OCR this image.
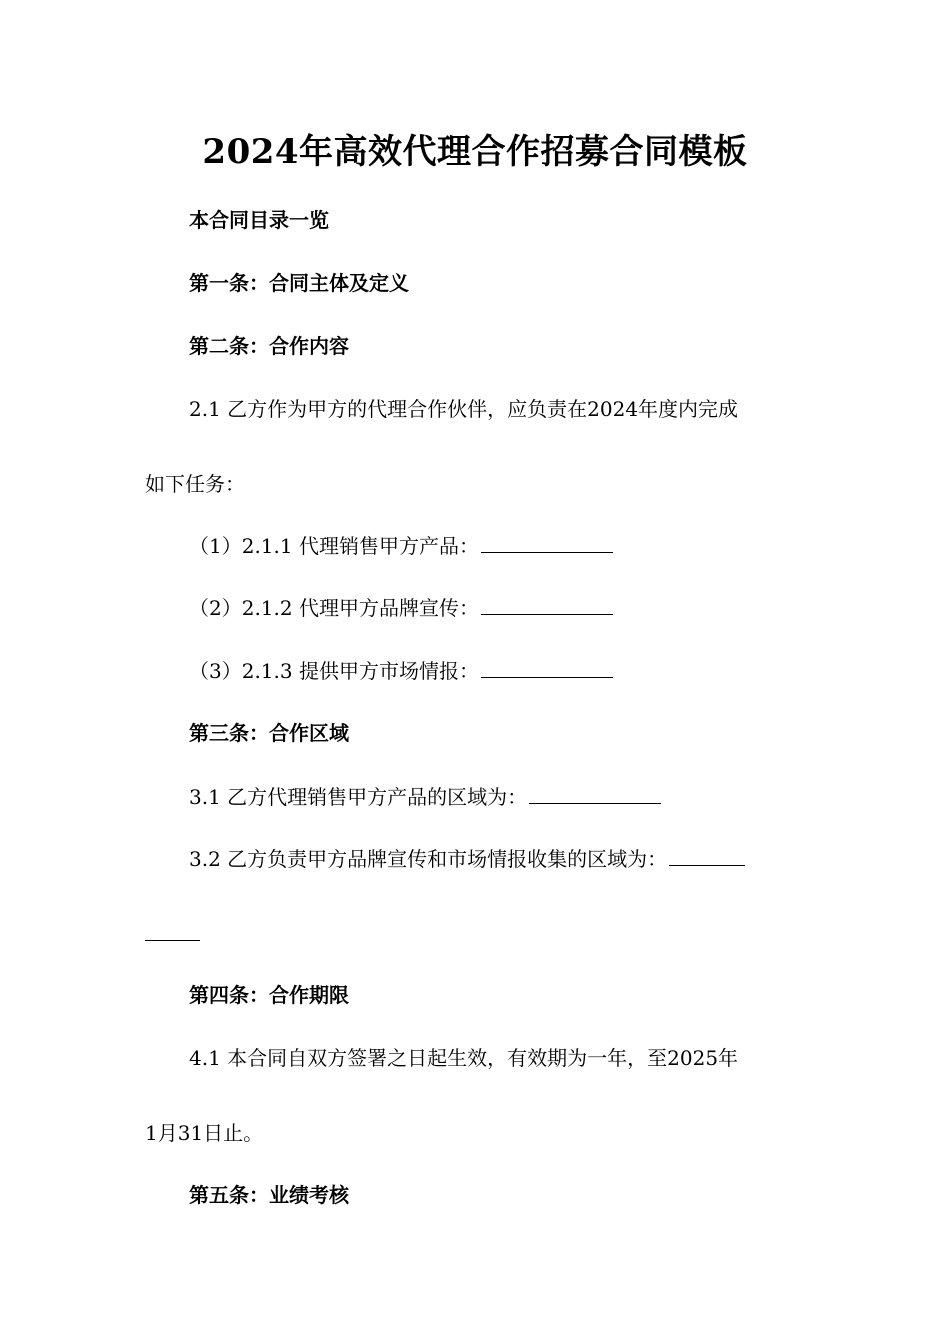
2024年高效代理合作招募合同模板
本合同目录一览
第一条：合同主体及定义
第二条：合作内容
2.1 乙方作为甲方的代理合作伙伴，应负责在2024年度内完成
如下任务：
（1）2.1.1 代理销售甲方产品：
（2）2.1.2 代理甲方品牌宣传：
（3）2.1.3 提供甲方市场情报：
第三条：合作区域
3.1 乙方代理销售甲方产品的区域为：
3.2 乙方负责甲方品牌宣传和市场情报收集的区域为：
第四条：合作期限
4.1 本合同自双方签署之日起生效，有效期为一年，至2025年
1月31日止。
第五条：业绩考核
